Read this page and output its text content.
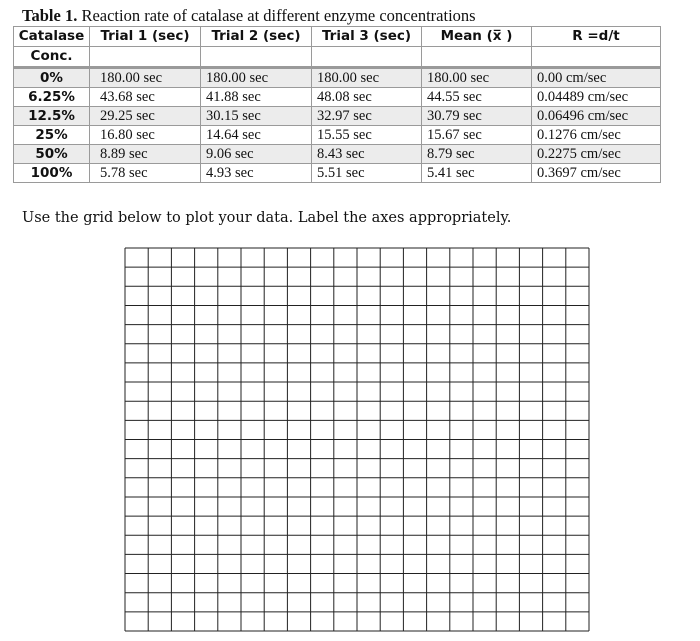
Table 1. Reaction rate of catalase at different enzyme concentrations
Catalase	Trial 1 (sec)	Trial 2 (sec)	Trial 3 (sec)	Mean (x̅ )	R =d/t
Conc.					
0%	180.00 sec	180.00 sec	180.00 sec	180.00 sec	0.00 cm/sec
6.25%	43.68 sec	41.88 sec	48.08 sec	44.55 sec	0.04489 cm/sec
12.5%	29.25 sec	30.15 sec	32.97 sec	30.79 sec	0.06496 cm/sec
25%	16.80 sec	14.64 sec	15.55 sec	15.67 sec	0.1276 cm/sec
50%	8.89 sec	9.06 sec	8.43 sec	8.79 sec	0.2275 cm/sec
100%	5.78 sec	4.93 sec	5.51 sec	5.41 sec	0.3697 cm/sec
Use the grid below to plot your data. Label the axes appropriately.
